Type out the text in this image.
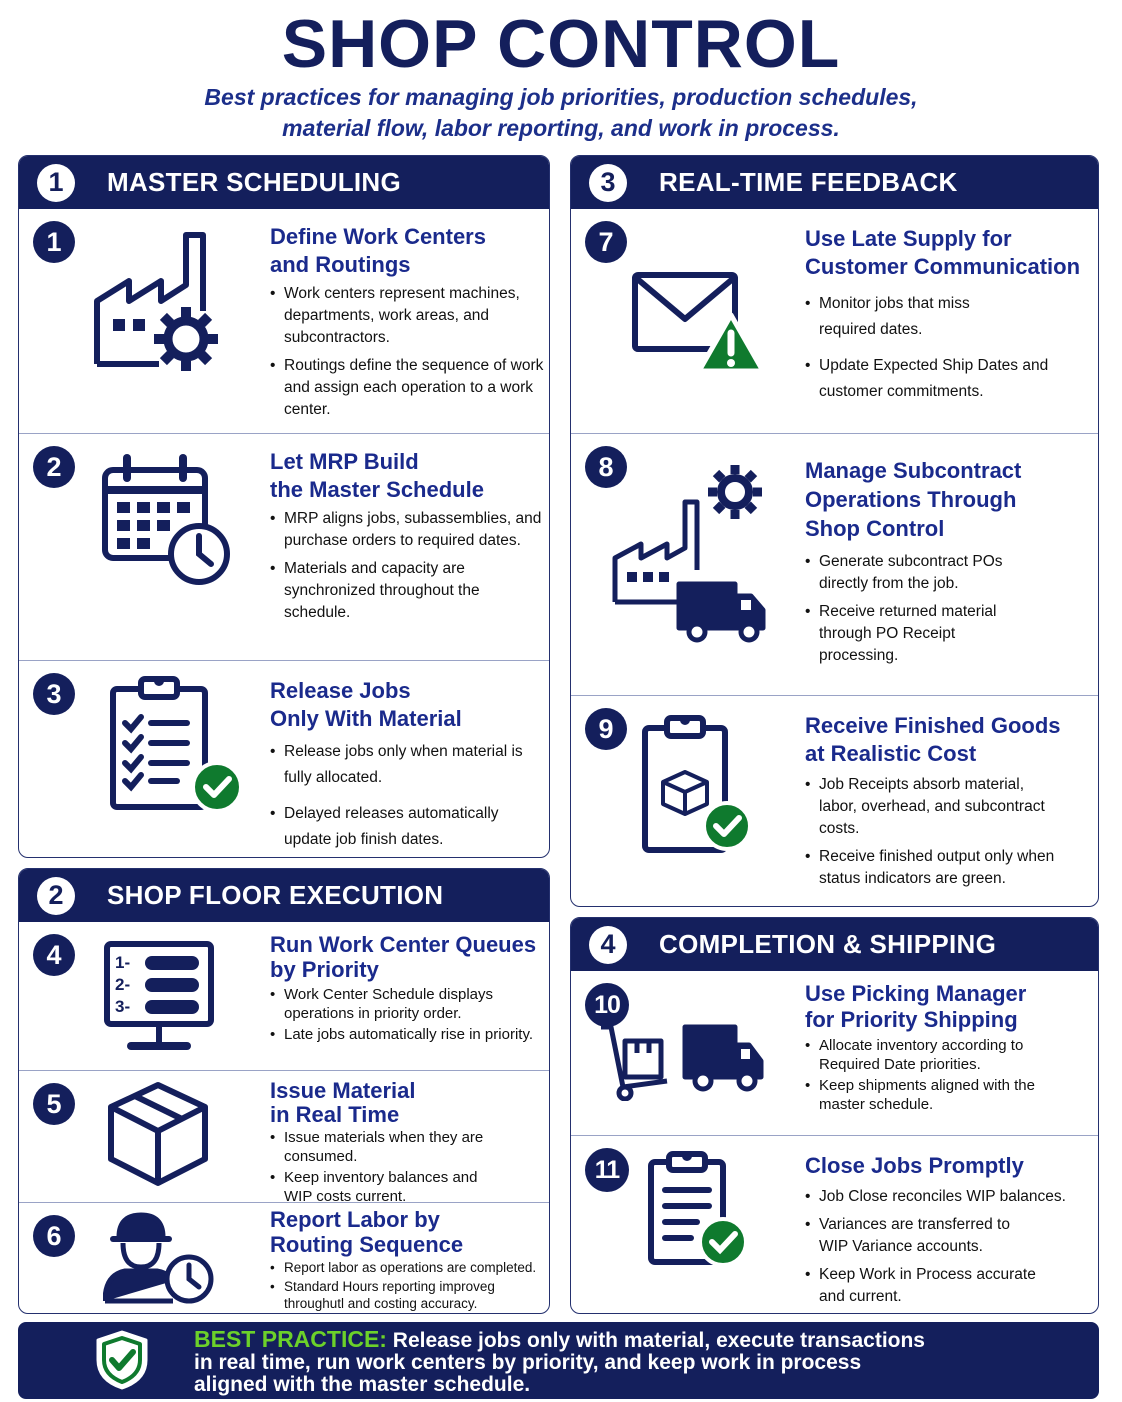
SHOP CONTROL
Best practices for managing job priorities, production schedules,
material flow, labor reporting, and work in process.
1	MASTER SCHEDULING
1	Define Work Centers
and Routings
• Work centers represent machines, departments, work areas, and subcontractors.
• Routings define the sequence of work and assign each operation to a work center.
2	Let MRP Build
the Master Schedule
• MRP aligns jobs, subassemblies, and purchase orders to required dates.
• Materials and capacity are synchronized throughout the schedule.
3	Release Jobs
Only With Material
• Release jobs only when material is fully allocated.
• Delayed releases automatically update job finish dates.
2	SHOP FLOOR EXECUTION
4	1-
2-
3-
Run Work Center Queues
by Priority
• Work Center Schedule displays operations in priority order.
• Late jobs automatically rise in priority.
5	Issue Material
in Real Time
• Issue materials when they are consumed.
• Keep inventory balances and WIP costs current.
6
Report Labor by
Routing Sequence
• Report labor as operations are completed.
• Standard Hours reporting improveg throughutl and costing accuracy.
3	REAL-TIME FEEDBACK
7	Use Late Supply for
Customer Communication
• Monitor jobs that miss required dates.
• Update Expected Ship Dates and customer commitments.
8	Manage Subcontract
Operations Through
Shop Control
• Generate subcontract POs directly from the job.
• Receive returned material through PO Receipt processing.
9	Receive Finished Goods
at Realistic Cost
• Job Receipts absorb material, labor, overhead, and subcontract costs.
• Receive finished output only when status indicators are green.
4	COMPLETION & SHIPPING
10	Use Picking Manager
for Priority Shipping
• Allocate inventory according to Required Date priorities.
• Keep shipments aligned with the master schedule.
11	Close Jobs Promptly
• Job Close reconciles WIP balances.
• Variances are transferred to WIP Variance accounts.
• Keep Work in Process accurate and current.
BEST PRACTICE: Release jobs only with material, execute transactions
in real time, run work centers by priority, and keep work in process
aligned with the master schedule.
